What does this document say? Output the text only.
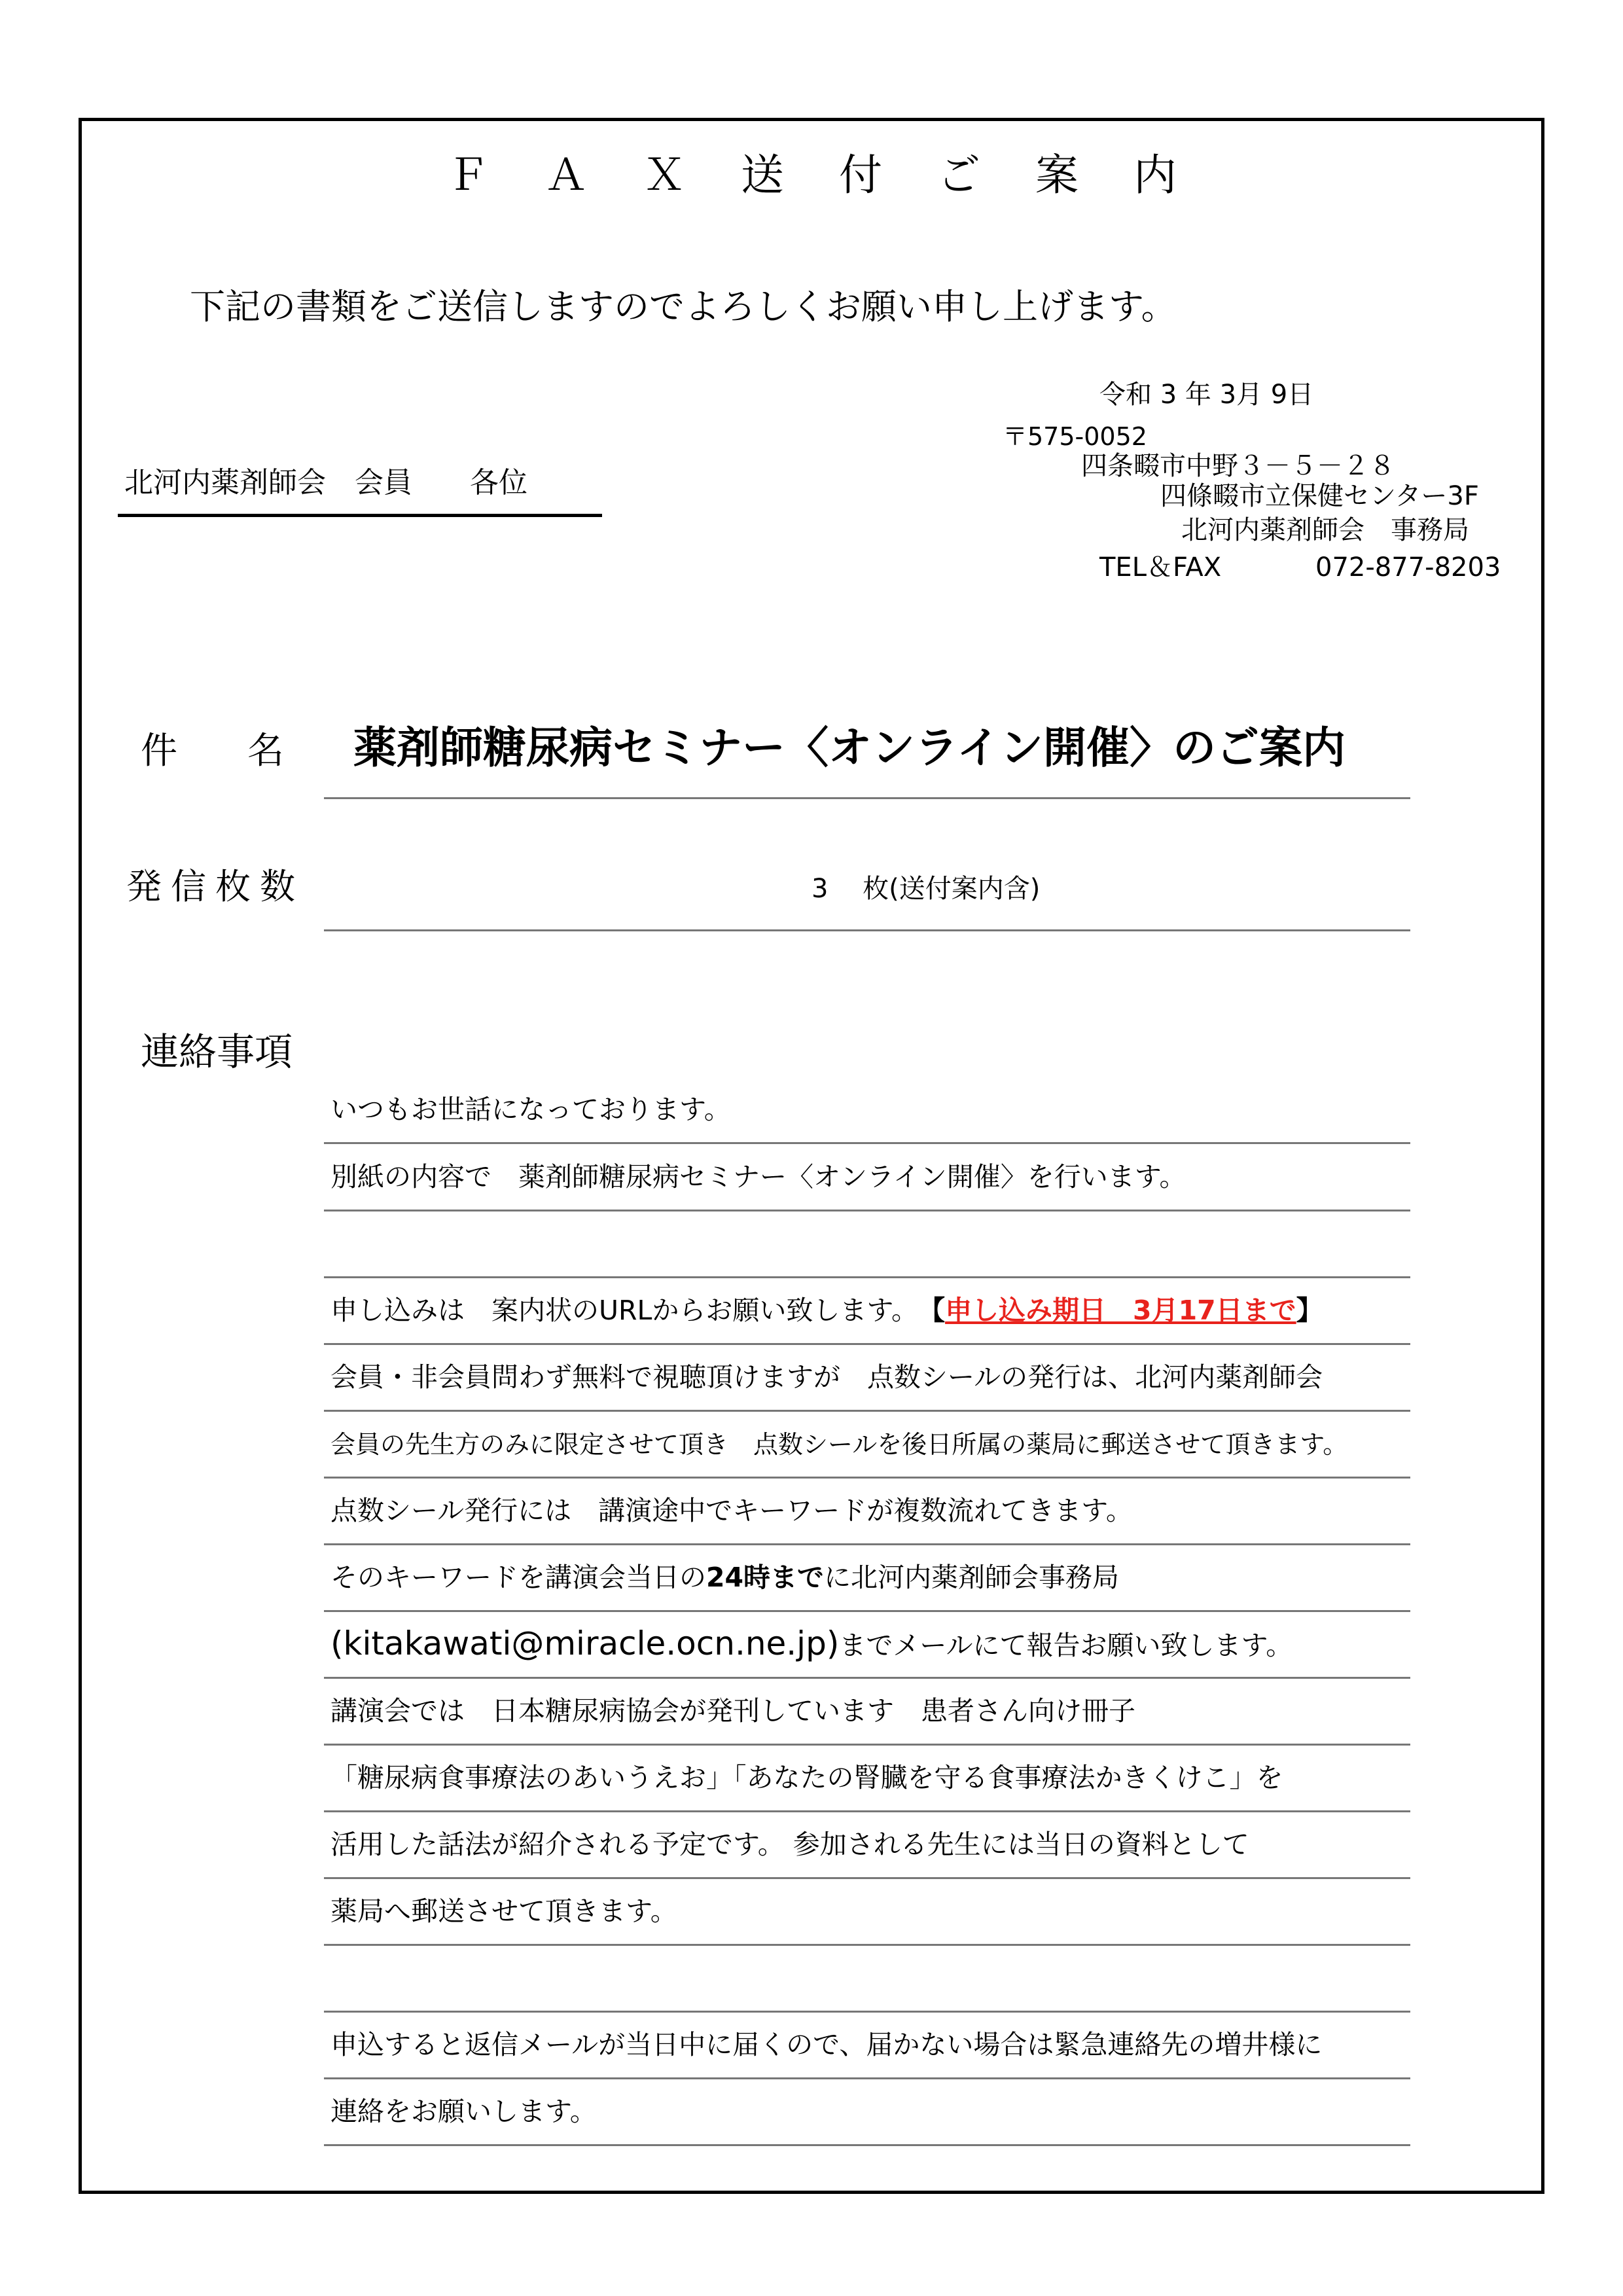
Ｆ Ａ Ｘ 送 付 ご 案 内
下記の書類をご送信しますのでよろしくお願い申し上げます。
令和 3 年 3月 9日
〒575-0052
四条畷市中野３－５－２８
四條畷市立保健センター3F
北河内薬剤師会　事務局
TEL＆FAX	072-877-8203
北河内薬剤師会　会員　　各位
件 名 薬剤師糖尿病セミナー〈オンライン開催〉のご案内
発信枚数	3　 枚(送付案内含)
連絡事項
いつもお世話になっております。
別紙の内容で　薬剤師糖尿病セミナー〈オンライン開催〉を行います。
申し込みは　案内状のURLからお願い致します。　【申し込み期日　3月17日まで】
会員・非会員問わず無料で視聴頂けますが　点数シールの発行は、北河内薬剤師会
会員の先生方のみに限定させて頂き　点数シールを後日所属の薬局に郵送させて頂きます。
点数シール発行には　講演途中でキーワードが複数流れてきます。
そのキーワードを講演会当日の24時までに北河内薬剤師会事務局
(kitakawati@miracle.ocn.ne.jp)までメールにて報告お願い致します。
講演会では　日本糖尿病協会が発刊しています　患者さん向け冊子
「糖尿病食事療法のあいうえお」「あなたの腎臓を守る食事療法かきくけこ」を
活用した話法が紹介される予定です。 参加される先生には当日の資料として
薬局へ郵送させて頂きます。
申込すると返信メールが当日中に届くので、届かない場合は緊急連絡先の増井様に
連絡をお願いします。
